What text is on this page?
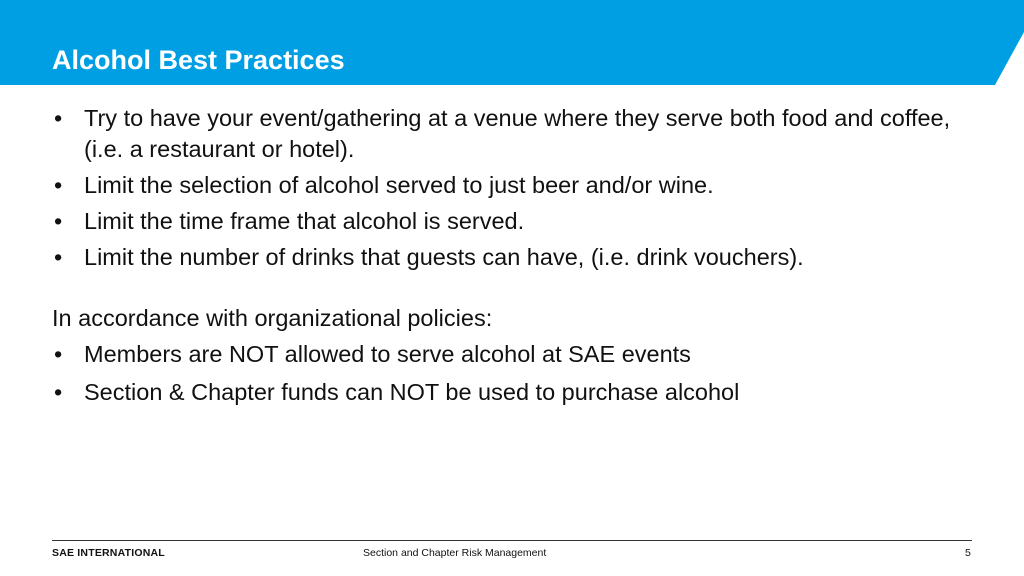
Alcohol Best Practices
• Try to have your event/gathering at a venue where they serve both food and coffee, (i.e. a restaurant or hotel).
• Limit the selection of alcohol served to just beer and/or wine.
• Limit the time frame that alcohol is served.
• Limit the number of drinks that guests can have, (i.e. drink vouchers).

In accordance with organizational policies:

• Members are NOT allowed to serve alcohol at SAE events
• Section & Chapter funds can NOT be used to purchase alcohol
SAE INTERNATIONAL	Section and Chapter Risk Management	5
